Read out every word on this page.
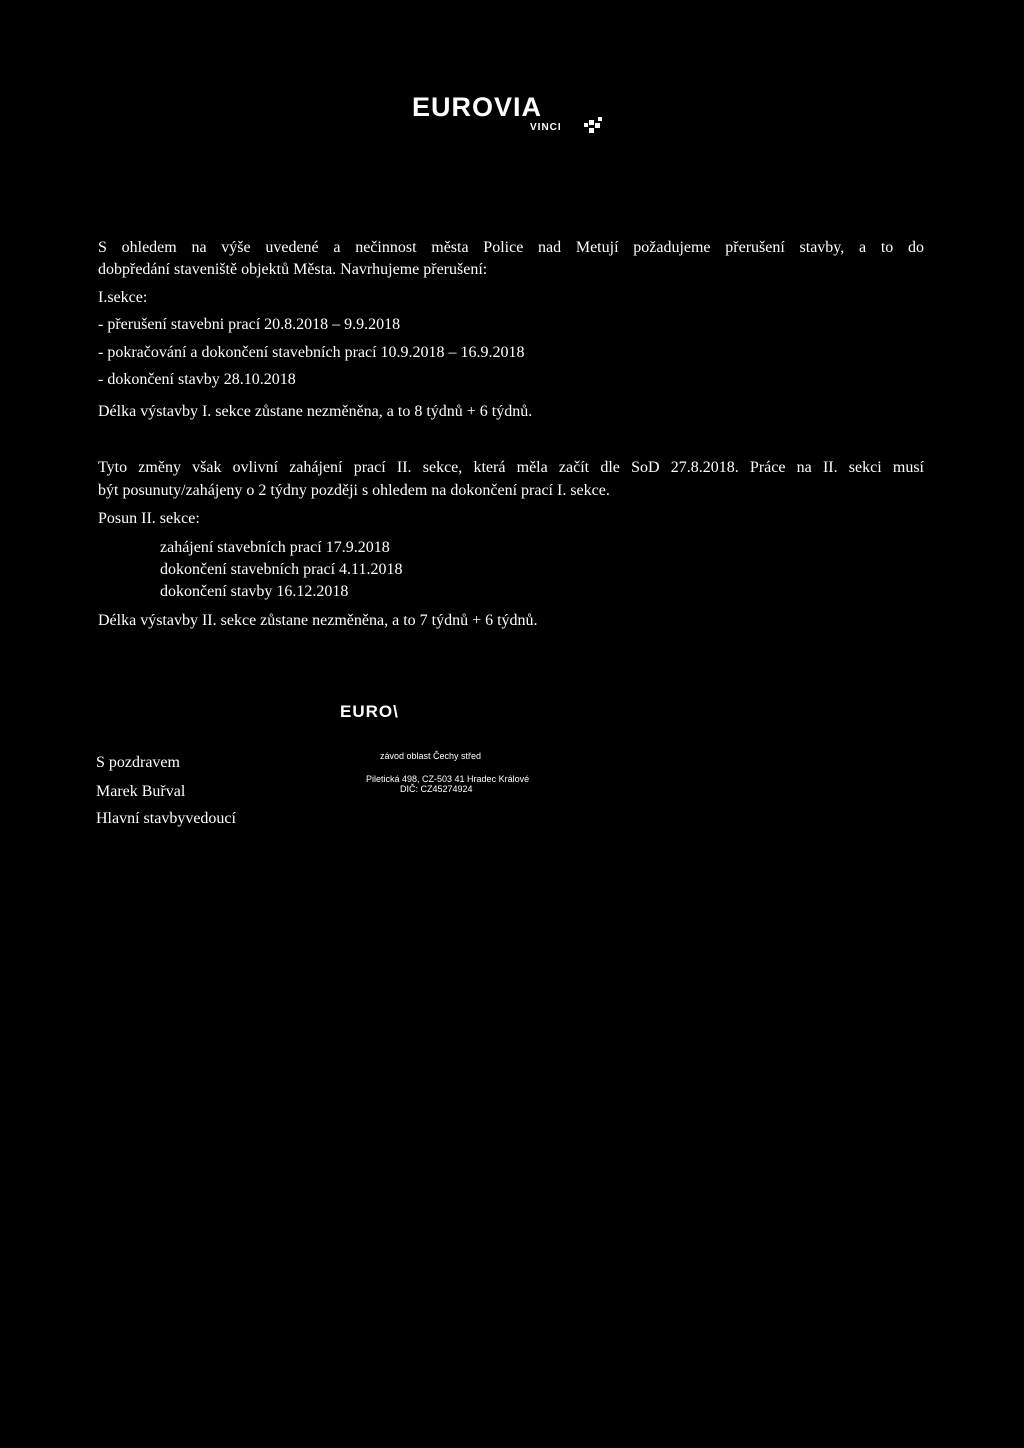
EUROVIA
VINCI
S ohledem na výše uvedené a nečinnost města Police nad Metují požadujeme přerušení stavby, a to do
dobpředání staveniště objektů Města. Navrhujeme přerušení:
I.sekce:
- přerušení stavebni prací 20.8.2018 – 9.9.2018
- pokračování a dokončení stavebních prací 10.9.2018 – 16.9.2018
- dokončení stavby 28.10.2018
Délka výstavby I. sekce zůstane nezměněna, a to 8 týdnů + 6 týdnů.
Tyto změny však ovlivní zahájení prací II. sekce, která měla začít dle SoD 27.8.2018. Práce na II. sekci musí
být posunuty/zahájeny o 2 týdny později s ohledem na dokončení prací I. sekce.
Posun II. sekce:
zahájení stavebních prací 17.9.2018
dokončení stavebních prací 4.11.2018
dokončení stavby 16.12.2018
Délka výstavby II. sekce zůstane nezměněna, a to 7 týdnů + 6 týdnů.
S pozdravem
Marek Buřval
Hlavní stavbyvedoucí
EURO\
závod oblast Čechy střed
Piletická 498, CZ-503 41 Hradec Králové
DIČ: CZ45274924
